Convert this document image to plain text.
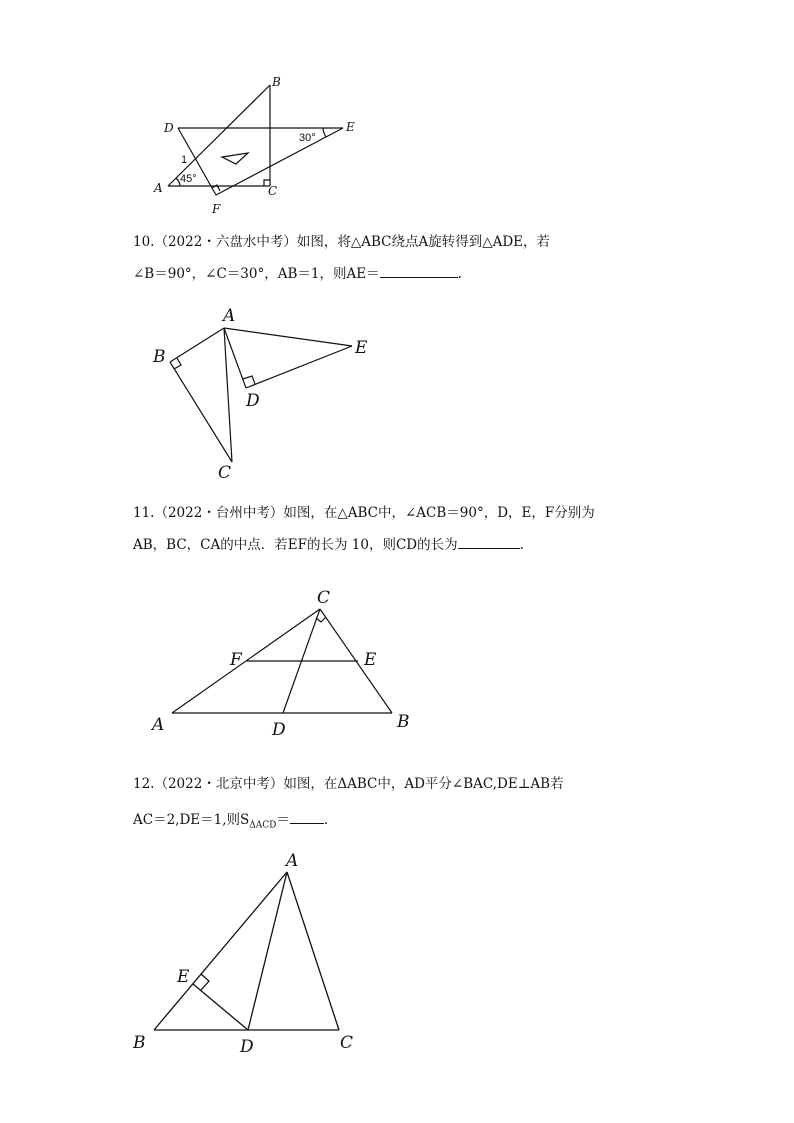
B
D	E
A	C
F
1
45°
30°
10.（2022・六盘水中考）如图，将△ABC绕点A旋转得到△ADE，若
∠B＝90°，∠C＝30°，AB＝1，则AE＝	.
A
B
C
D
E
11.（2022・台州中考）如图，在△ABC中，∠ACB＝90°，D，E，F分别为
AB，BC，CA的中点．若EF的长为 10，则CD的长为	.
C
F	E
A	D	B
12.（2022・北京中考）如图，在ΔABC中，AD平分∠BAC,DE⊥AB若
AC＝2,DE＝1,则$S_{\Delta ACD}=$	.
A
E
B	D	C
